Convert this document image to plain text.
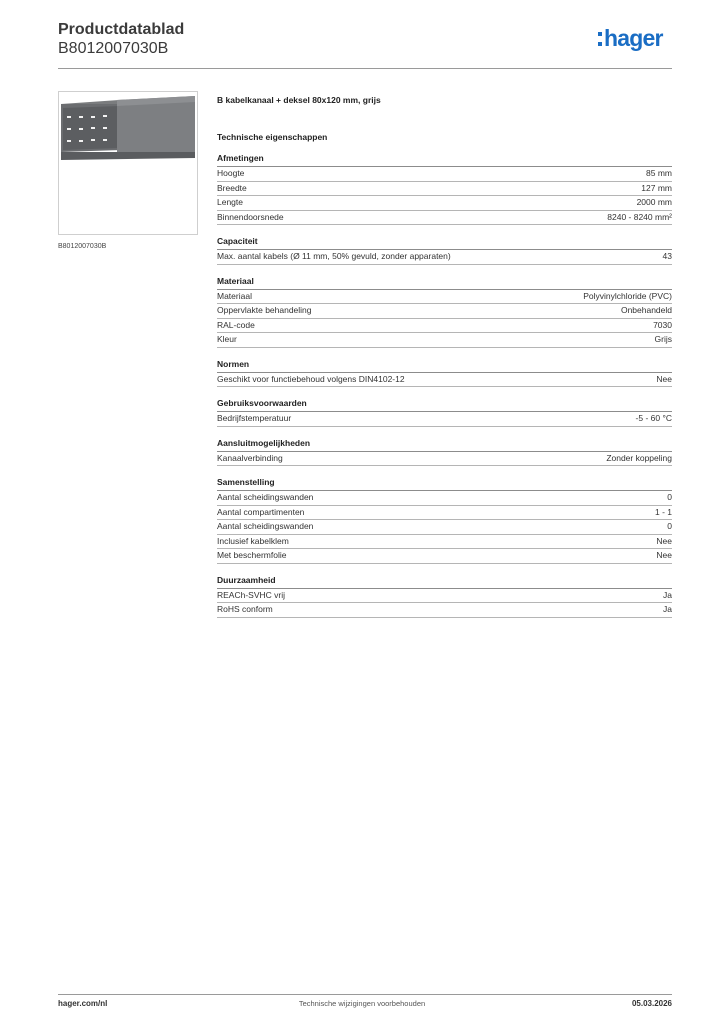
Productdatablad
B8012007030B	hager
B8012007030B
B kabelkanaal + deksel 80x120 mm, grijs
Technische eigenschappen
Afmetingen
Hoogte	85 mm
Breedte	127 mm
Lengte	2000 mm
Binnendoorsnede	8240 - 8240 mm²
Capaciteit
Max. aantal kabels (Ø 11 mm, 50% gevuld, zonder apparaten)	43
Materiaal
Materiaal	Polyvinylchloride (PVC)
Oppervlakte behandeling	Onbehandeld
RAL-code	7030
Kleur	Grijs
Normen
Geschikt voor functiebehoud volgens DIN4102-12	Nee
Gebruiksvoorwaarden
Bedrijfstemperatuur	-5 - 60 °C
Aansluitmogelijkheden
Kanaalverbinding	Zonder koppeling
Samenstelling
Aantal scheidingswanden	0
Aantal compartimenten	1 - 1
Aantal scheidingswanden	0
Inclusief kabelklem	Nee
Met beschermfolie	Nee
Duurzaamheid
REACh-SVHC vrij	Ja
RoHS conform	Ja
hager.com/nl	Technische wijzigingen voorbehouden	05.03.2026
